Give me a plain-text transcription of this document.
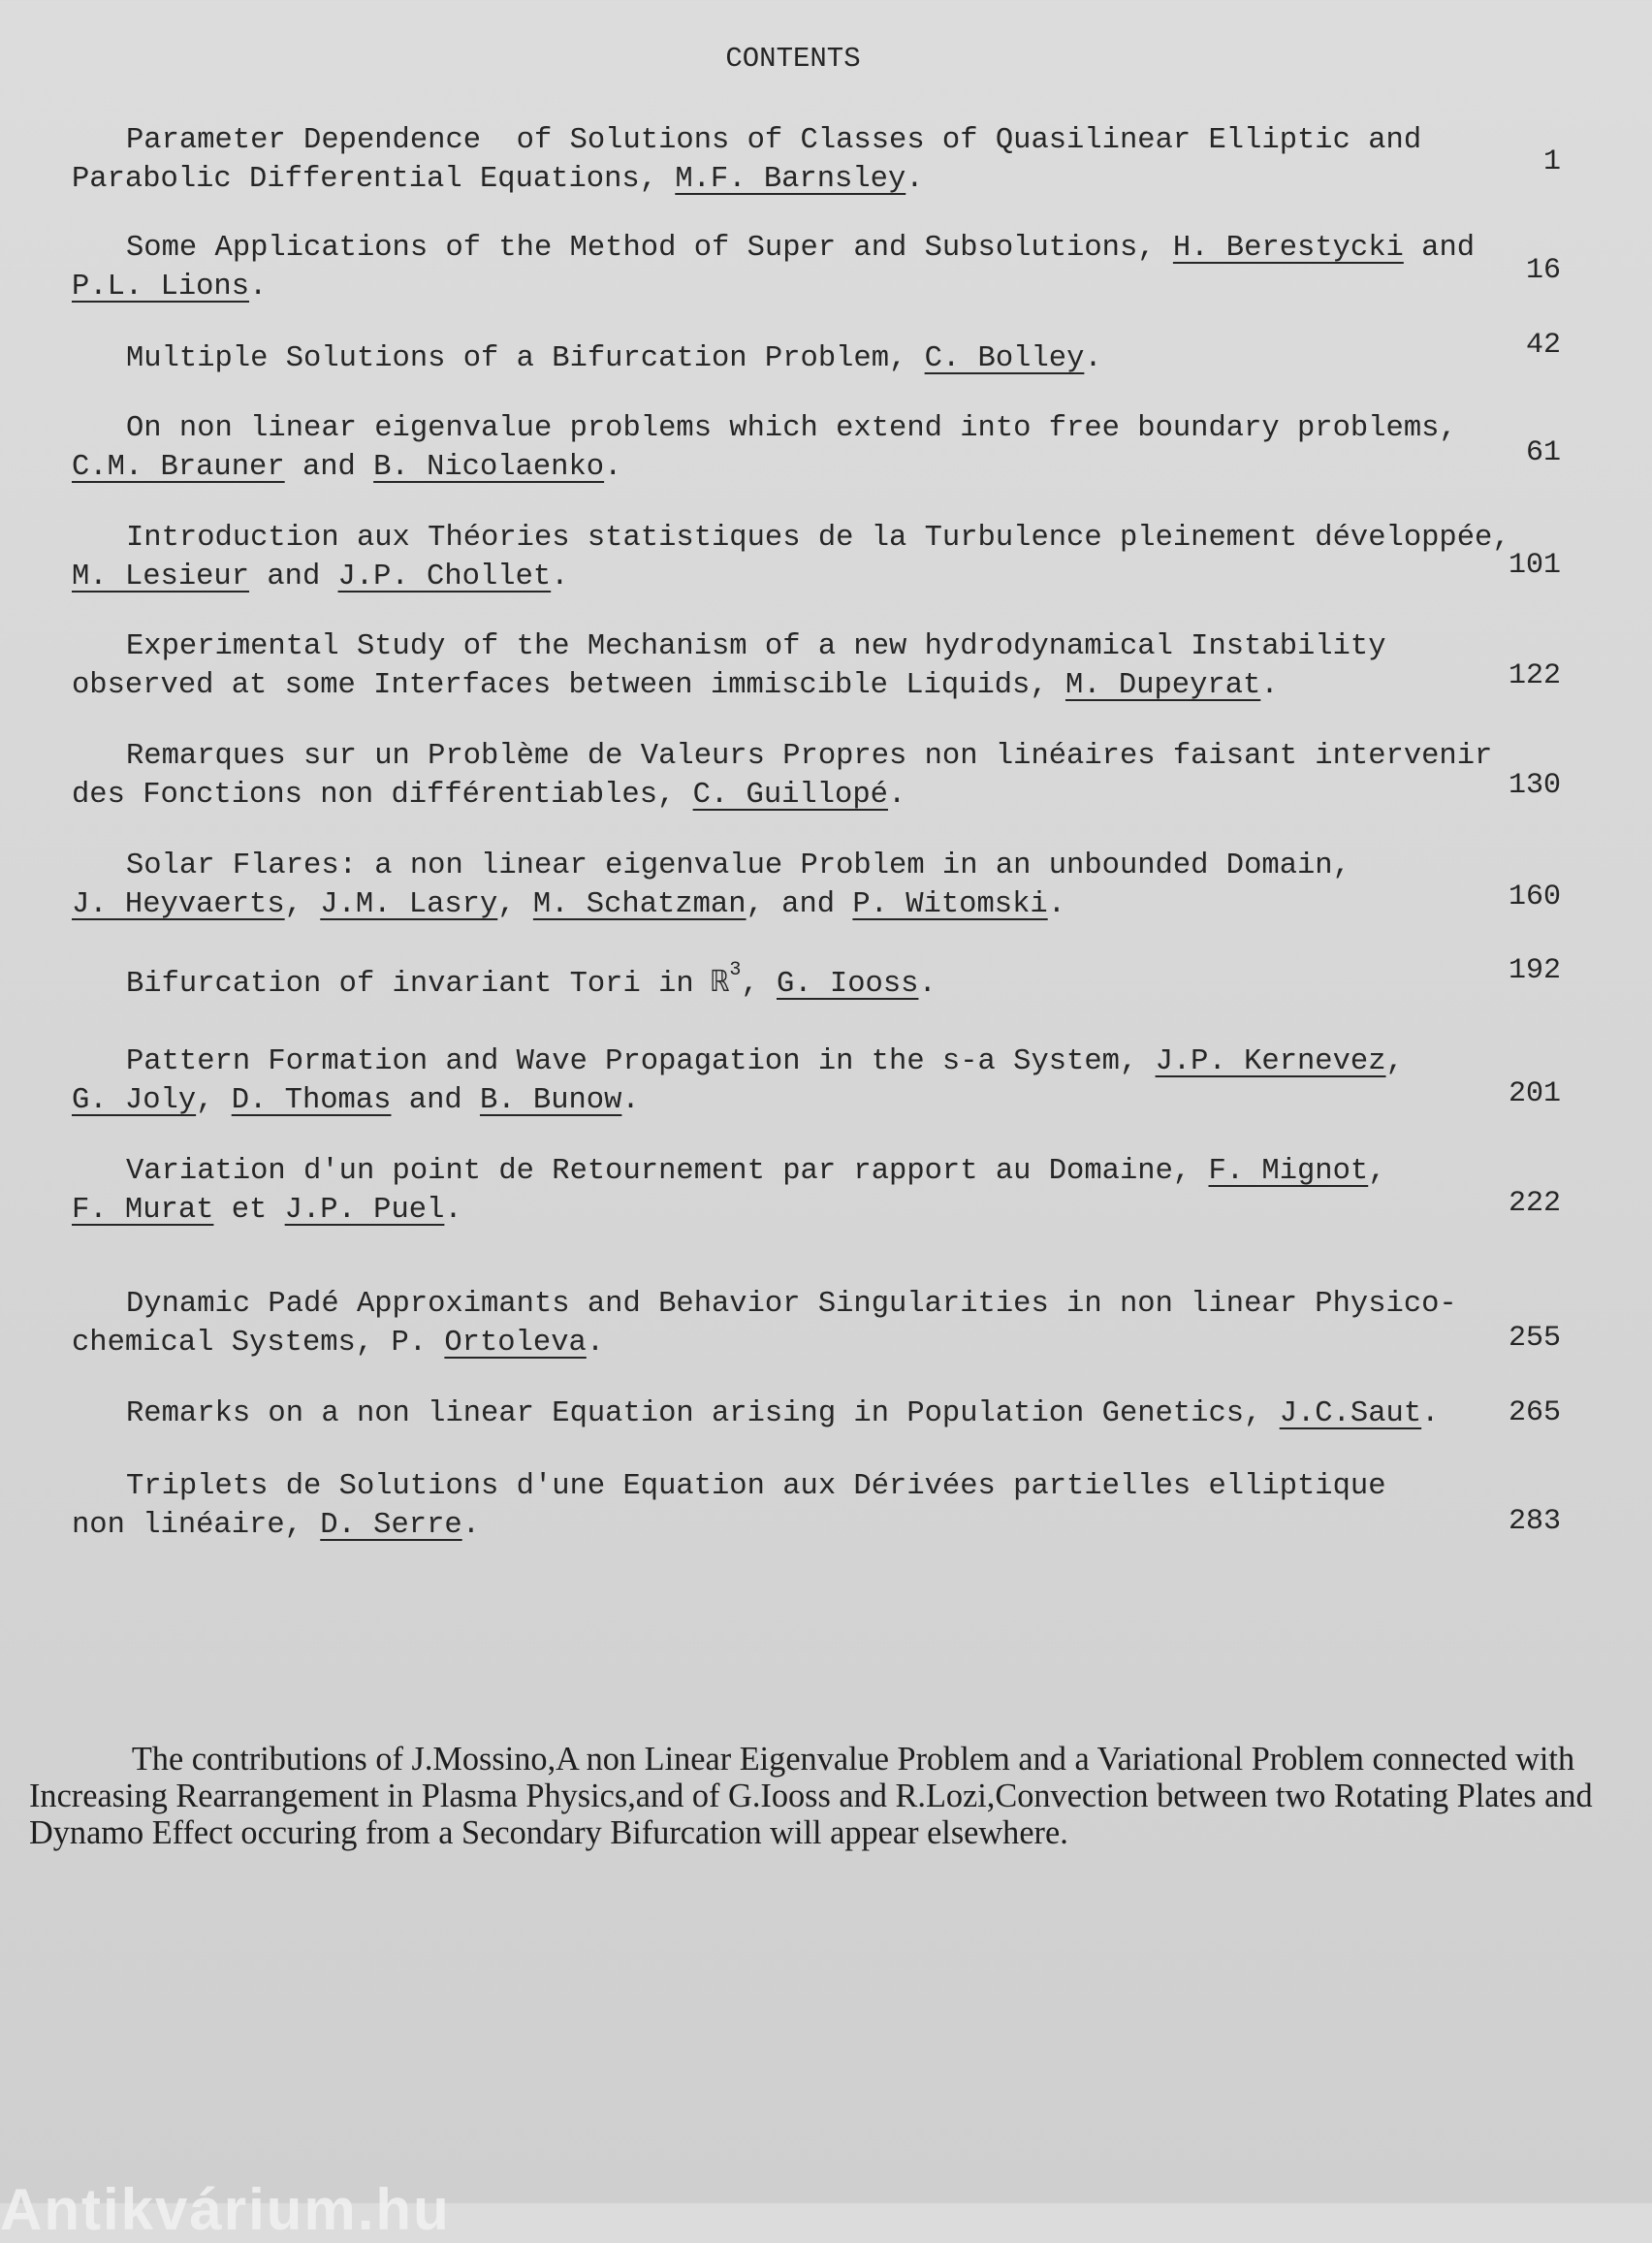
CONTENTS
Parameter Dependence  of Solutions of Classes of Quasilinear Elliptic and
Parabolic Differential Equations, M.F. Barnsley.
1
Some Applications of the Method of Super and Subsolutions, H. Berestycki and
P.L. Lions.	16
Multiple Solutions of a Bifurcation Problem, C. Bolley.	42
On non linear eigenvalue problems which extend into free boundary problems,
C.M. Brauner and B. Nicolaenko.	61
Introduction aux Théories statistiques de la Turbulence pleinement développée,
M. Lesieur and J.P. Chollet.	101
Experimental Study of the Mechanism of a new hydrodynamical Instability
observed at some Interfaces between immiscible Liquids, M. Dupeyrat.	122
Remarques sur un Problème de Valeurs Propres non linéaires faisant intervenir
des Fonctions non différentiables, C. Guillopé.	130
Solar Flares: a non linear eigenvalue Problem in an unbounded Domain,
J. Heyvaerts, J.M. Lasry, M. Schatzman, and P. Witomski.	160
Bifurcation of invariant Tori in ℝ$^3$, G. Iooss.	192
Pattern Formation and Wave Propagation in the s-a System, J.P. Kernevez,
G. Joly, D. Thomas and B. Bunow.	201
Variation d'un point de Retournement par rapport au Domaine, F. Mignot,
F. Murat et J.P. Puel.	222
Dynamic Padé Approximants and Behavior Singularities in non linear Physico-
chemical Systems, P. Ortoleva.	255
Remarks on a non linear Equation arising in Population Genetics, J.C.Saut. 265
Triplets de Solutions d'une Equation aux Dérivées partielles elliptique
non linéaire, D. Serre.	283

The contributions of J.Mossino,A non Linear Eigenvalue Problem and a Variational Problem connected with Increasing Rearrangement in Plasma Physics,and of G.Iooss and R.Lozi,Convection between two Rotating Plates and Dynamo Effect occuring from a Secondary Bifurcation will appear elsewhere.

Antikvárium.hu
